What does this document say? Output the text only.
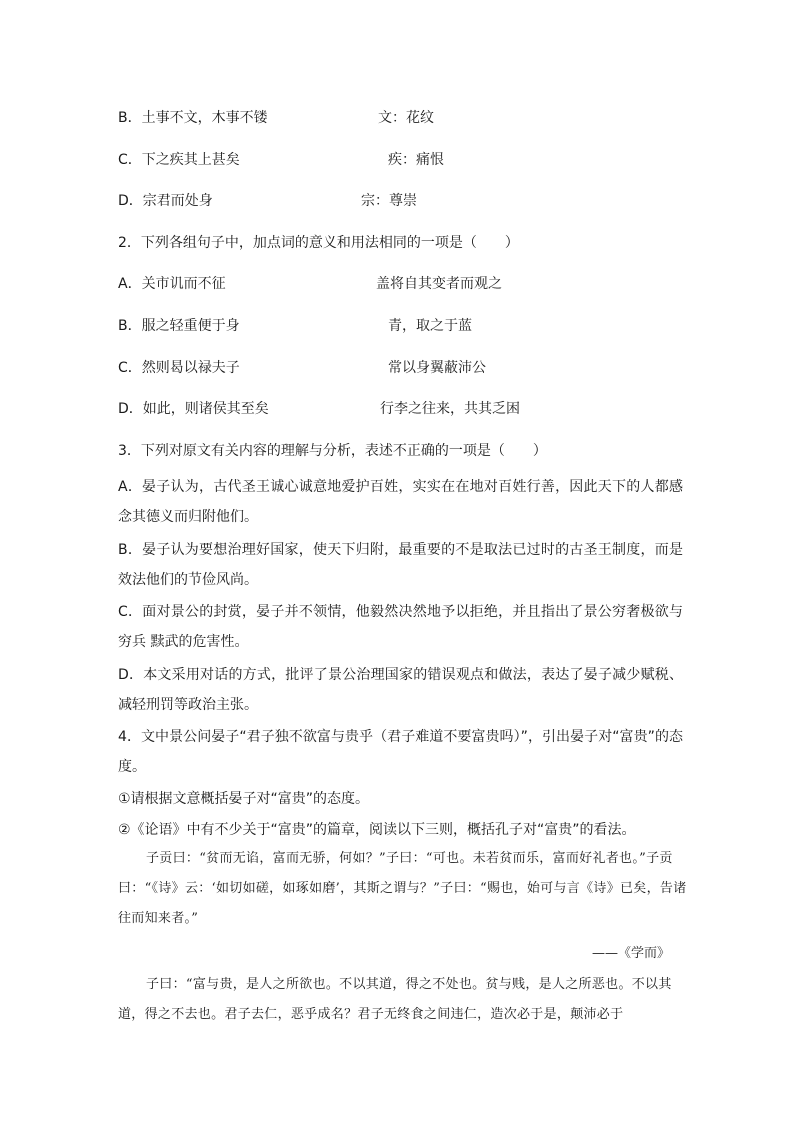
B．土事不文，木事不镂	文：花纹
C．下之疾其上甚矣	疾：痛恨
D．宗君而处身	宗：尊崇
2．下列各组句子中，加点词的意义和用法相同的一项是（　　）
A．关市讥而不征	盖将自其变者而观之
B．服之轻重便于身	青，取之于蓝
C．然则曷以禄夫子	常以身翼蔽沛公
D．如此，则诸侯其至矣	行李之往来，共其乏困
3．下列对原文有关内容的理解与分析，表述不正确的一项是（　　）
A．晏子认为，古代圣王诚心诚意地爱护百姓，实实在在地对百姓行善，因此天下的人都感念其德义而归附他们。
B．晏子认为要想治理好国家，使天下归附，最重要的不是取法已过时的古圣王制度，而是效法他们的节俭风尚。
C．面对景公的封赏，晏子并不领情，他毅然决然地予以拒绝，并且指出了景公穷奢极欲与穷兵 黩武的危害性。
D．本文采用对话的方式，批评了景公治理国家的错误观点和做法，表达了晏子减少赋税、减轻刑罚等政治主张。
4．文中景公问晏子“君子独不欲富与贵乎（君子难道不要富贵吗）”，引出晏子对“富贵”的态度。
①请根据文意概括晏子对“富贵”的态度。
②《论语》中有不少关于“富贵”的篇章，阅读以下三则，概括孔子对“富贵”的看法。
子贡曰：“贫而无谄，富而无骄，何如？”子曰：“可也。未若贫而乐，富而好礼者也。”子贡曰：“《诗》云：‘如切如磋，如琢如磨’，其斯之谓与？”子曰：“赐也，始可与言《诗》已矣，告诸往而知来者。”
——《学而》
子曰：“富与贵，是人之所欲也。不以其道，得之不处也。贫与贱，是人之所恶也。不以其道，得之不去也。君子去仁，恶乎成名？君子无终食之间违仁，造次必于是，颠沛必于
